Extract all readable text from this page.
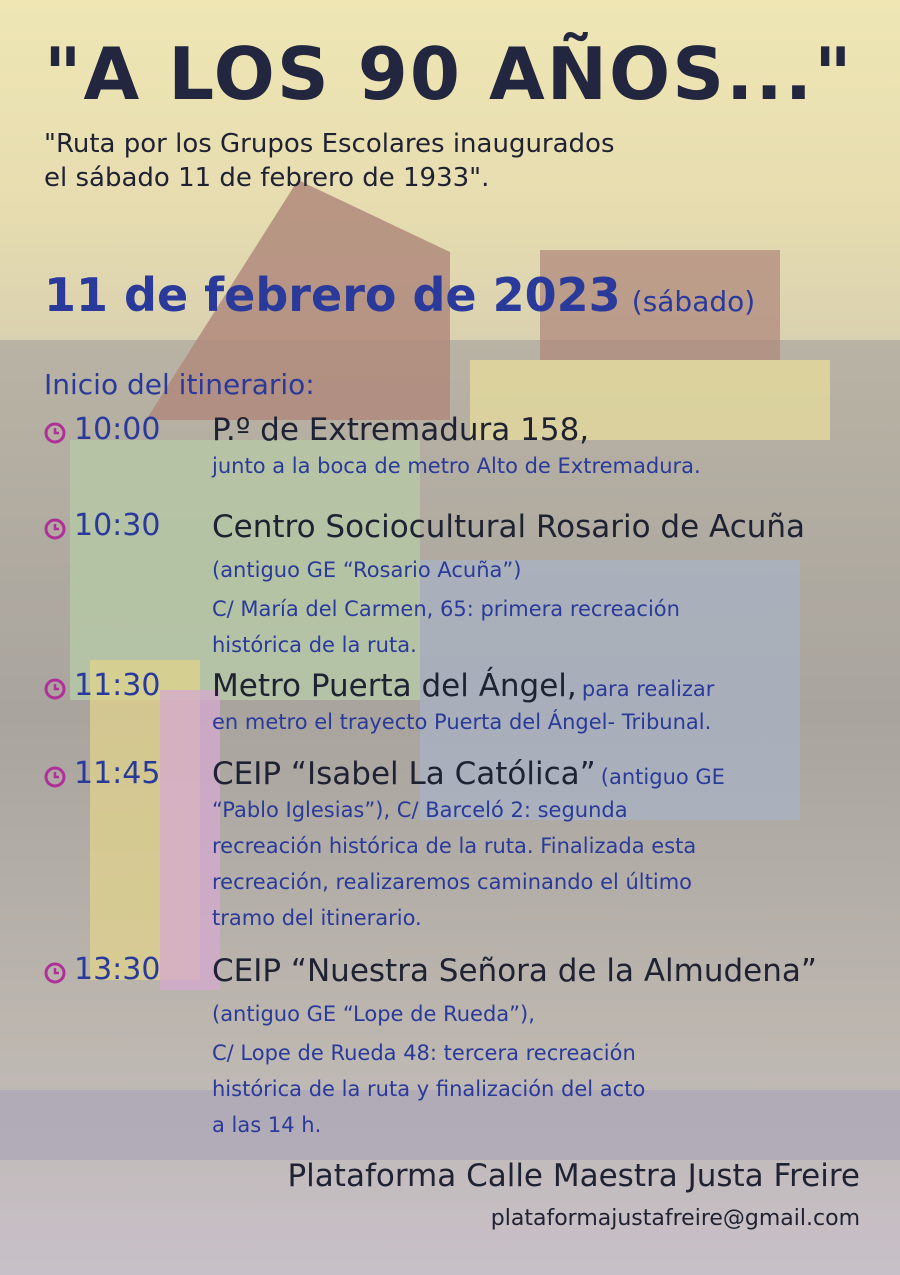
"A LOS 90 AÑOS..."

"Ruta por los Grupos Escolares inaugurados
el sábado 11 de febrero de 1933".

11 de febrero de 2023 (sábado)

Inicio del itinerario:

10:00 P.º de Extremadura 158,
junto a la boca de metro Alto de Extremadura.
10:30 Centro Sociocultural Rosario de Acuña (antiguo GE “Rosario Acuña”)
C/ María del Carmen, 65: primera recreación
histórica de la ruta.
11:30 Metro Puerta del Ángel, para realizar
en metro el trayecto Puerta del Ángel- Tribunal.
11:45 CEIP “Isabel La Católica” (antiguo GE
“Pablo Iglesias”), C/ Barceló 2: segunda
recreación histórica de la ruta. Finalizada esta
recreación, realizaremos caminando el último
tramo del itinerario.
13:30 CEIP “Nuestra Señora de la Almudena” (antiguo GE “Lope de Rueda”),
C/ Lope de Rueda 48: tercera recreación
histórica de la ruta y finalización del acto
a las 14 h.

Plataforma Calle Maestra Justa Freire

plataformajustafreire@gmail.com
